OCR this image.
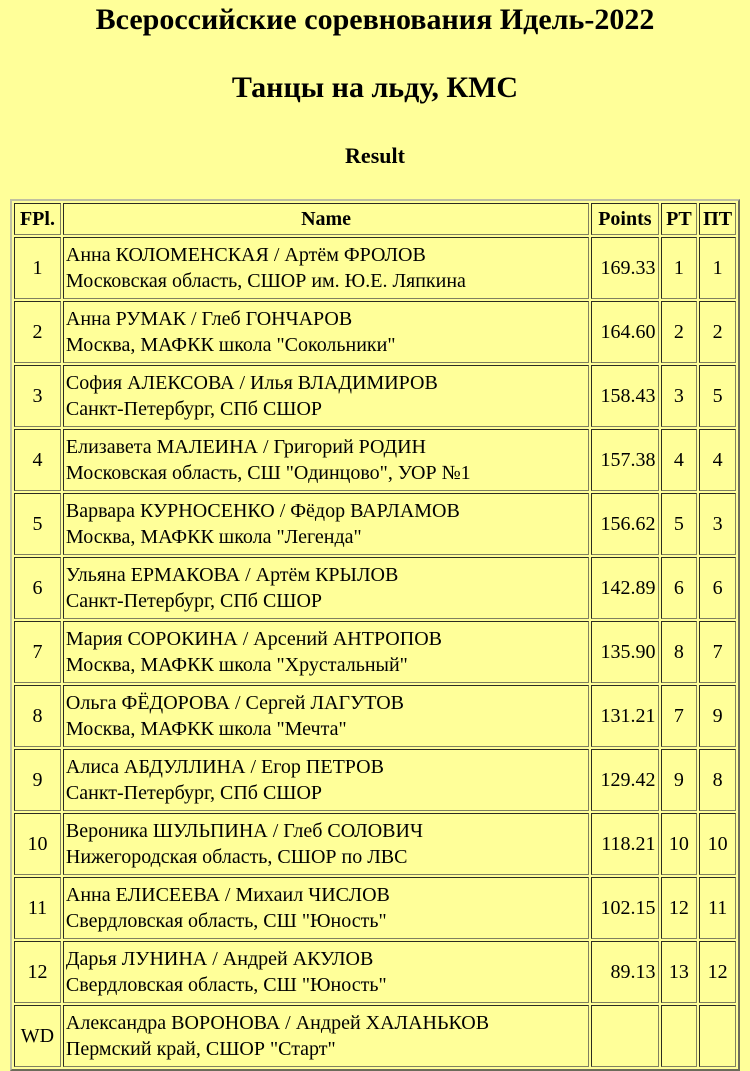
Всероссийские соревнования Идель-2022
Танцы на льду, КМС
Result
FPl.	Name	Points	PT	ПТ
1	Анна КОЛОМЕНСКАЯ / Артём ФРОЛОВ
Московская область, СШОР им. Ю.Е. Ляпкина	169.33	1	1
2	Анна РУМАК / Глеб ГОНЧАРОВ
Москва, МАФКК школа "Сокольники"	164.60	2	2
3	София АЛЕКСОВА / Илья ВЛАДИМИРОВ
Санкт-Петербург, СПб СШОР	158.43	3	5
4	Елизавета МАЛЕИНА / Григорий РОДИН
Московская область, СШ "Одинцово", УОР №1	157.38	4	4
5	Варвара КУРНОСЕНКО / Фёдор ВАРЛАМОВ
Москва, МАФКК школа "Легенда"	156.62	5	3
6	Ульяна ЕРМАКОВА / Артём КРЫЛОВ
Санкт-Петербург, СПб СШОР	142.89	6	6
7	Мария СОРОКИНА / Арсений АНТРОПОВ
Москва, МАФКК школа "Хрустальный"	135.90	8	7
8	Ольга ФЁДОРОВА / Сергей ЛАГУТОВ
Москва, МАФКК школа "Мечта"	131.21	7	9
9	Алиса АБДУЛЛИНА / Егор ПЕТРОВ
Санкт-Петербург, СПб СШОР	129.42	9	8
10	Вероника ШУЛЬПИНА / Глеб СОЛОВИЧ
Нижегородская область, СШОР по ЛВС	118.21	10	10
11	Анна ЕЛИСЕЕВА / Михаил ЧИСЛОВ
Свердловская область, СШ "Юность"	102.15	12	11
12	Дарья ЛУНИНА / Андрей АКУЛОВ
Свердловская область, СШ "Юность"	89.13	13	12
WD	Александра ВОРОНОВА / Андрей ХАЛАНЬКОВ
Пермский край, СШОР "Старт"			
